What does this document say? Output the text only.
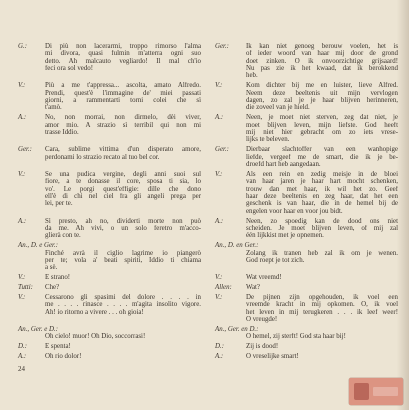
G.:	Di più non lacerarmi, troppo rimorso l'alma
mi divora, quasi fulmin m'atterra ogni suo
detto. Ah malcauto vegliardo! Il mal ch'io
feci ora sol vedo!
Ger.:	Ik kan niet genoeg berouw voelen, het is
of ieder woord van haar mij door de grond
doet zinken. O ik onvoorzichtige grijsaard!
Nu pas zie ik het kwaad, dat ik berokkend
heb.
V.:	Più a me t'appressa... ascolta, amato Alfredo.
Prendi, quest'è l'immagine de' miei passati
giorni, a rammentarti torni colei che sì
t'amò.
V.:	Kom dichter bij me en luister, lieve Alfred.
Neem deze beeltenis uit mijn vervlogen
dagen, zo zal je je haar blijven herinneren,
die zoveel van je hield.
A.:	No, non morrai, non dirmelo, dèi viver,
amor mio. A strazio sì terribil qui non mi
trasse Iddio.
A.:	Neen, je moet niet sterven, zeg dat niet, je
moet blijven leven, mijn liefste. God heeft
mij niet hier gebracht om zo iets vrese-
lijks te beleven.
Ger.:	Cara, sublime vittima d'un disperato amore,
perdonami lo strazio recato al tuo bel cor.
Ger.:	Dierbaar slachtoffer van een wanhopige
liefde, vergeef me de smart, die ik je be-
droefd hart heb aangedaan.
V.:	Se una pudica vergine, degli anni suoi sul
fiore, a te donasse il core, sposa ti sia, lo
vo'. Le porgi quest'effigie: dille che dono
ell'è di chi nel ciel fra gli angeli prega per
lei, per te.
V.:	Als een rein en zedig meisje in de bloei
van haar jaren je haar hart mocht schenken,
trouw dan met haar, ik wil het zo. Geef
haar deze beeltenis en zeg haar, dat het een
geschenk is van haar, die in de hemel bij de
engelen voor haar en voor jou bidt.
A.:	Sì presto, ah no, dividerti morte non può
da me. Ah vivi, o un solo feretro m'acco-
glierà con te.
A.:	Neen, zo spoedig kan de dood ons niet
scheiden. Je moet blijven leven, of mij zal
één lijkkist met je opnemen.
An., D. e Ger.:
Finché avrà il ciglio lagrime io piangerò
per te; vola a' beati spiriti, Iddio ti chiama
a sè.
An., D. en Ger.:
Zolang ik tranen heb zal ik om je wenen.
God roept je tot zich.
V.:	È strano!	V.:	Wat vreemd!
Tutti:	Che?	Allen:	Wat?
V.:	Cessarono gli spasimi del dolore . . . . in
me . . . . rinasce . . . . m'agita insolito vigore.
Ah! io ritorno a vivere . . . oh gioia!
V.:	De pijnen zijn opgehouden, ik voel een
vreemde kracht in mij opkomen. O, ik voel
het leven in mij terugkeren . . . ik leef weer!
O vreugde!
An., Ger. e D.:
Oh cielo! muor! Oh Dio, soccorrasi!
An., Ger. en D.:
O hemel, zij sterft! God sta haar bij!
D.:	È spenta!	D.:	Zij is dood!
A.:	Oh rio dolor!	A.:	O vreselijke smart!
24
